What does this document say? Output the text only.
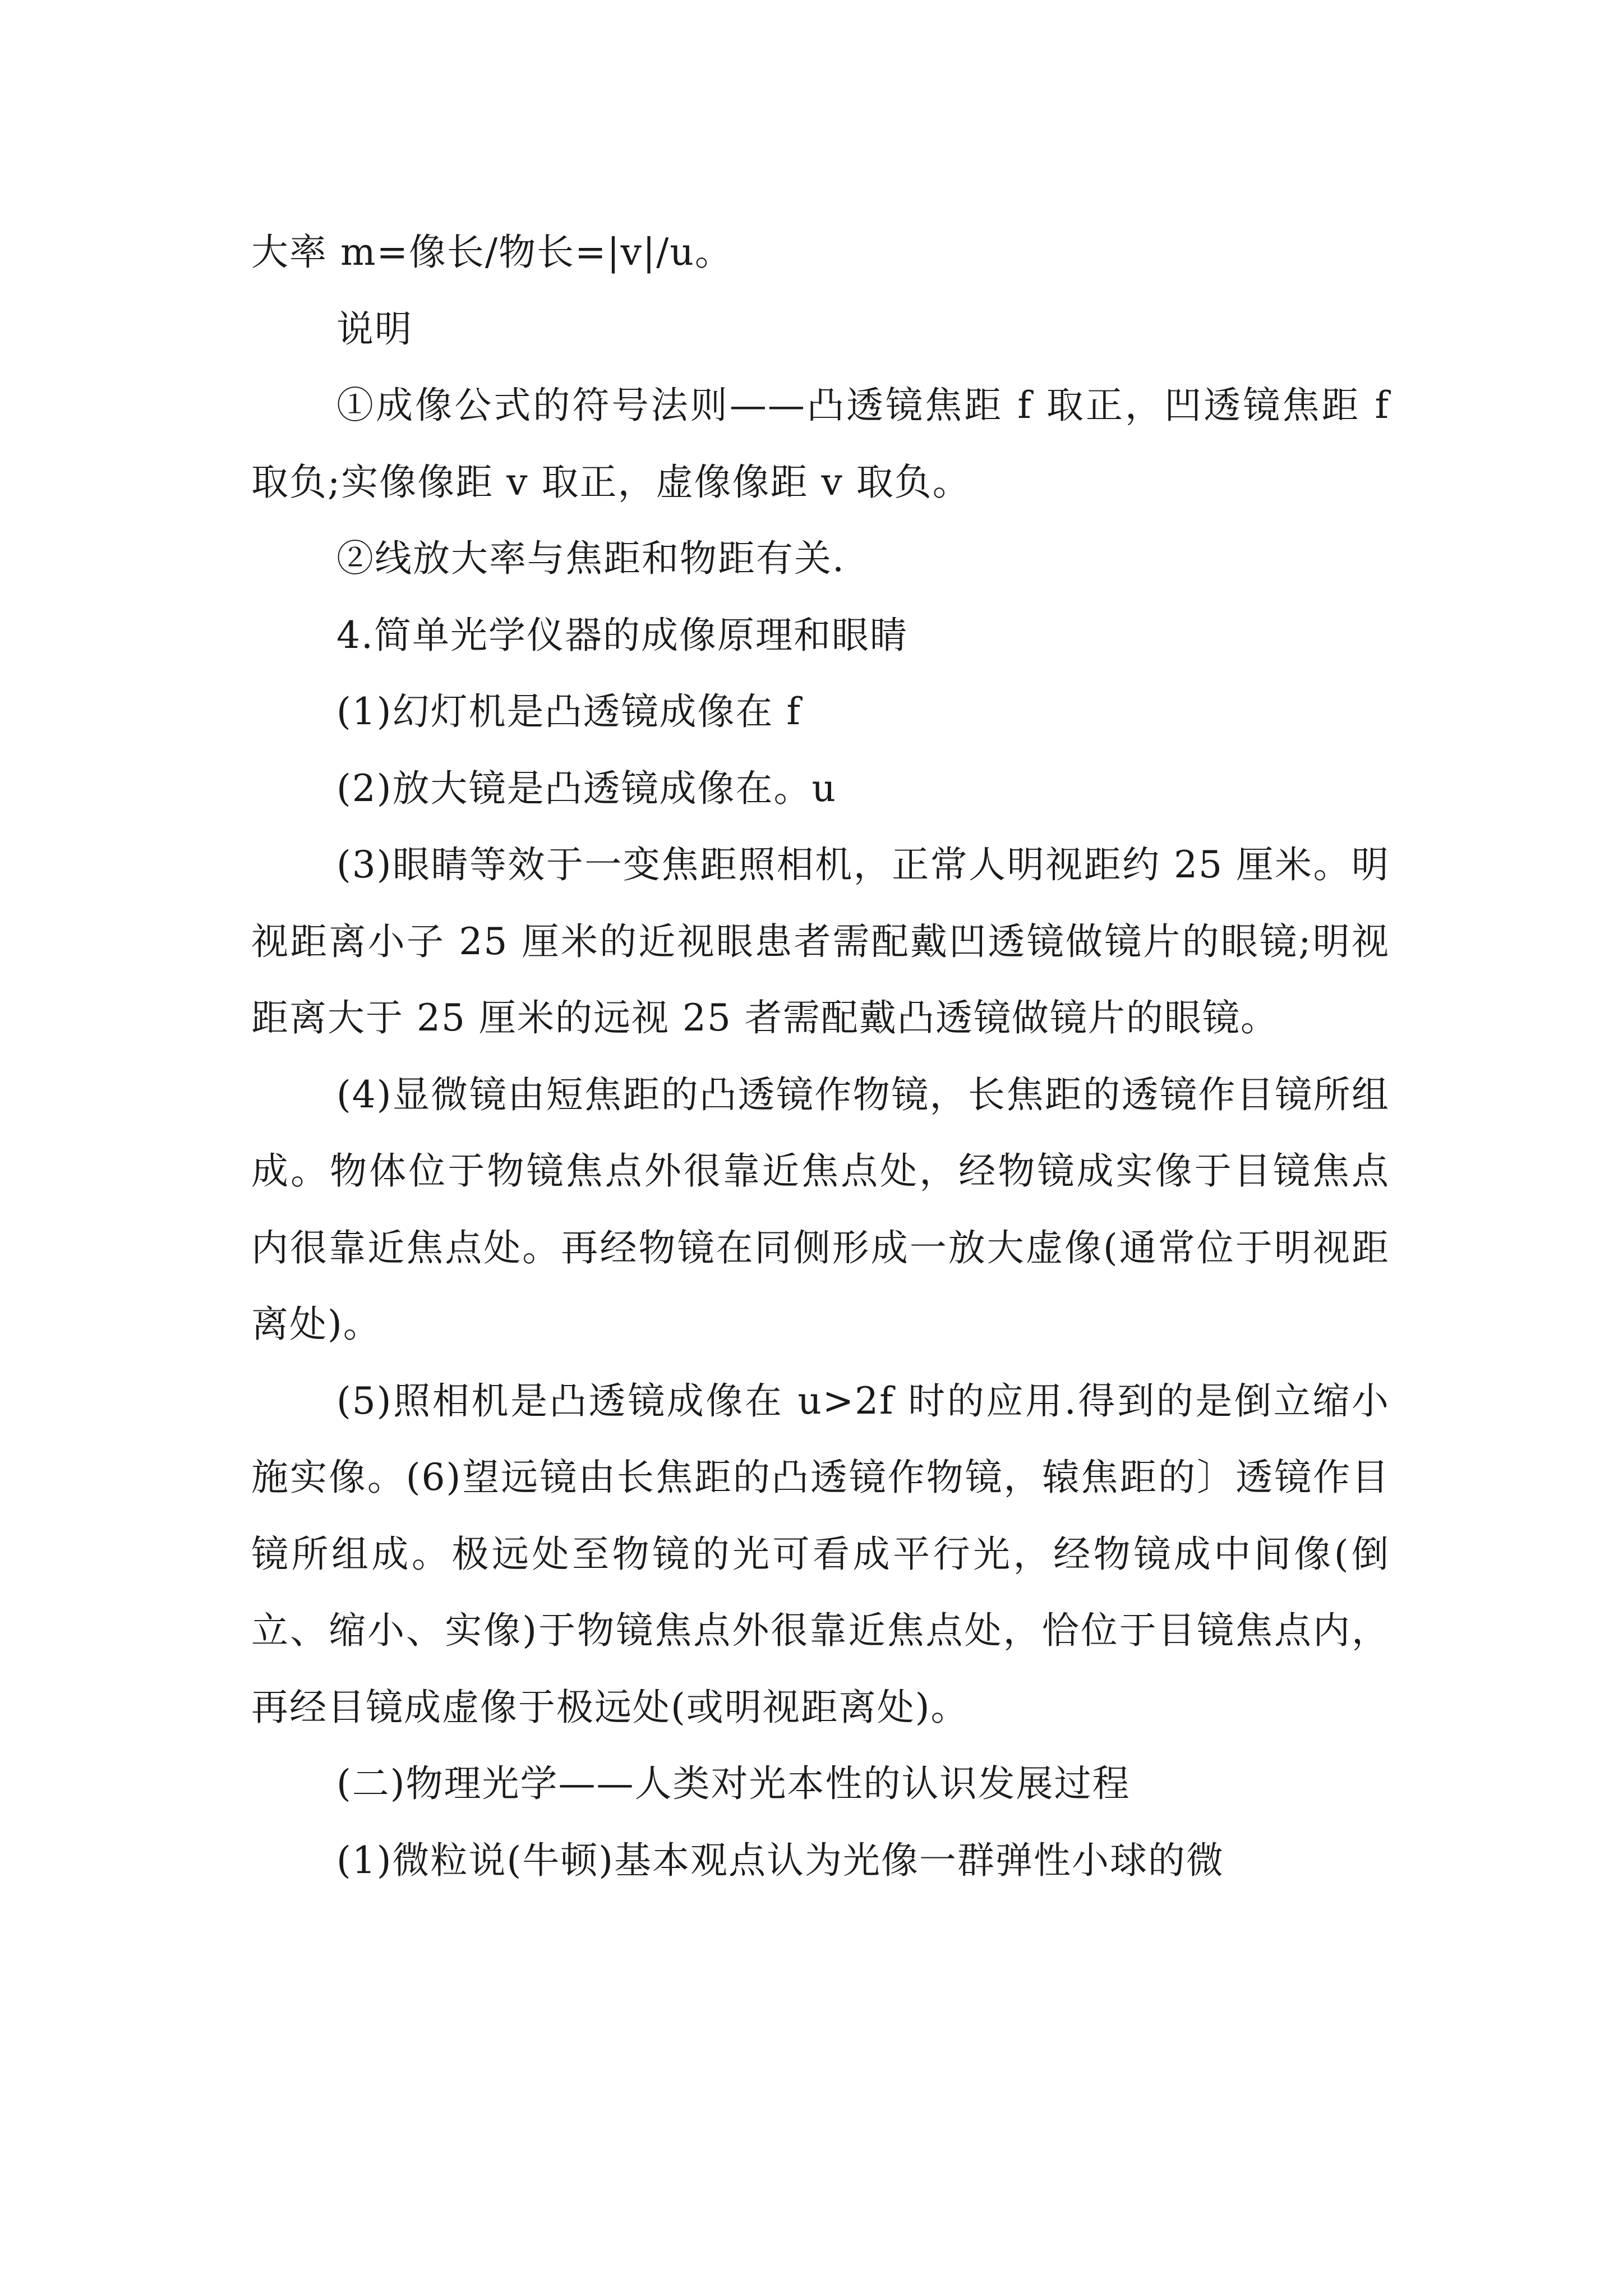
大率 m=像长/物长=|v|/u。

说明

①成像公式的符号法则——凸透镜焦距 f 取正，凹透镜焦距 f 取负;实像像距 v 取正，虚像像距 v 取负。

②线放大率与焦距和物距有关.

4.简单光学仪器的成像原理和眼睛

(1)幻灯机是凸透镜成像在 f

(2)放大镜是凸透镜成像在。u

(3)眼睛等效于一变焦距照相机，正常人明视距约 25 厘米。明视距离小子 25 厘米的近视眼患者需配戴凹透镜做镜片的眼镜;明视距离大于 25 厘米的远视 25 者需配戴凸透镜做镜片的眼镜。

(4)显微镜由短焦距的凸透镜作物镜，长焦距的透镜作目镜所组成。物体位于物镜焦点外很靠近焦点处，经物镜成实像于目镜焦点内很靠近焦点处。再经物镜在同侧形成一放大虚像(通常位于明视距离处)。

(5)照相机是凸透镜成像在 u>2f 时的应用.得到的是倒立缩小施实像。(6)望远镜由长焦距的凸透镜作物镜，辕焦距的〕透镜作目镜所组成。极远处至物镜的光可看成平行光，经物镜成中间像(倒立、缩小、实像)于物镜焦点外很靠近焦点处，恰位于目镜焦点内，再经目镜成虚像于极远处(或明视距离处)。

(二)物理光学——人类对光本性的认识发展过程

(1)微粒说(牛顿)基本观点认为光像一群弹性小球的微
